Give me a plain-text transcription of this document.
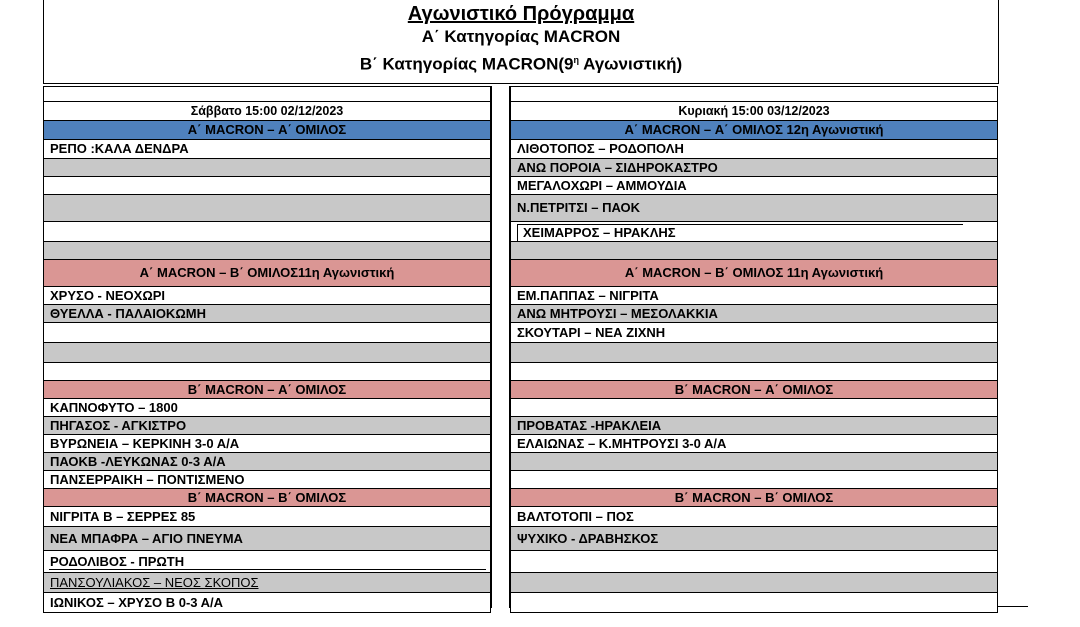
Αγωνιστικό Πρόγραμμα
Α΄ Κατηγορίας MACRON
Β΄ Κατηγορίας $MACRON(9^\eta$ Αγωνιστική)
Σάββατο 15:00 02/12/2023
Α΄ MACRON – Α΄ ΟΜΙΛΟΣ
ΡΕΠΟ :ΚΑΛΑ ΔΕΝΔΡΑ
Α΄ MACRON – Β΄ ΟΜΙΛΟΣ11η Αγωνιστική
ΧΡΥΣΟ - ΝΕΟΧΩΡΙ
ΘΥΕΛΛΑ - ΠΑΛΑΙΟΚΩΜΗ
Β΄ MACRON – Α΄ ΟΜΙΛΟΣ
ΚΑΠΝΟΦΥΤΟ – 1800
ΠΗΓΑΣΟΣ - ΑΓΚΙΣΤΡΟ
ΒΥΡΩΝΕΙΑ – ΚΕΡΚΙΝΗ 3-0 Α/Α
ΠΑΟΚΒ -ΛΕΥΚΩΝΑΣ 0-3 Α/Α
ΠΑΝΣΕΡΡΑΙΚΗ – ΠΟΝΤΙΣΜΕΝΟ
Β΄ MACRON – Β΄ ΟΜΙΛΟΣ
ΝΙΓΡΙΤΑ Β – ΣΕΡΡΕΣ 85
ΝΕΑ ΜΠΑΦΡΑ – ΑΓΙΟ ΠΝΕΥΜΑ
ΡΟΔΟΛΙΒΟΣ - ΠΡΩΤΗ
ΠΑΝΣΟΥΛΙΑΚΟΣ – ΝΕΟΣ ΣΚΟΠΟΣ
ΙΩΝΙΚΟΣ – ΧΡΥΣΟ Β 0-3 Α/Α
Κυριακή 15:00 03/12/2023
Α΄ MACRON – Α΄ ΟΜΙΛΟΣ 12η Αγωνιστική
ΛΙΘΟΤΟΠΟΣ – ΡΟΔΟΠΟΛΗ
ΑΝΩ ΠΟΡΟΙΑ – ΣΙΔΗΡΟΚΑΣΤΡΟ
ΜΕΓΑΛΟΧΩΡΙ – ΑΜΜΟΥΔΙΑ
Ν.ΠΕΤΡΙΤΣΙ – ΠΑΟΚ
ΧΕΙΜΑΡΡΟΣ – ΗΡΑΚΛΗΣ
Α΄ MACRON – Β΄ ΟΜΙΛΟΣ 11η Αγωνιστική
ΕΜ.ΠΑΠΠΑΣ – ΝΙΓΡΙΤΑ
ΑΝΩ ΜΗΤΡΟΥΣΙ – ΜΕΣΟΛΑΚΚΙΑ
ΣΚΟΥΤΑΡΙ – ΝΕΑ ΖΙΧΝΗ
Β΄ MACRON – Α΄ ΟΜΙΛΟΣ
ΠΡΟΒΑΤΑΣ -ΗΡΑΚΛΕΙΑ
ΕΛΑΙΩΝΑΣ – Κ.ΜΗΤΡΟΥΣΙ 3-0 Α/Α
Β΄ MACRON – Β΄ ΟΜΙΛΟΣ
ΒΑΛΤΟΤΟΠΙ – ΠΟΣ
ΨΥΧΙΚΟ - ΔΡΑΒΗΣΚΟΣ
